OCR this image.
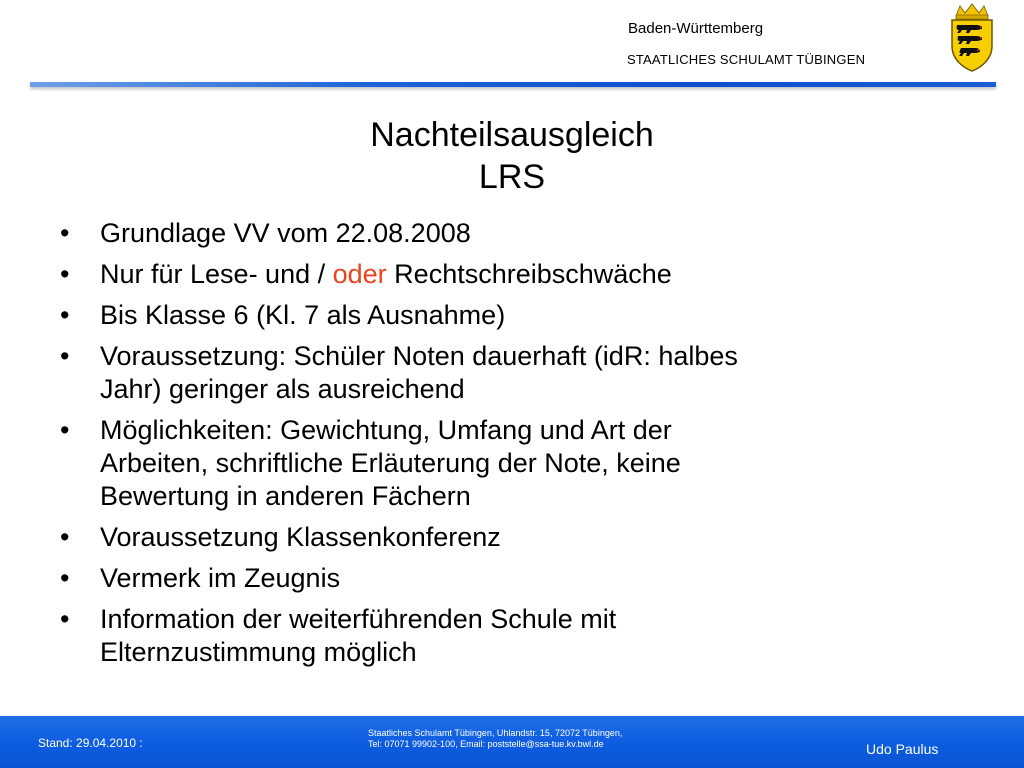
Baden-Württemberg
STAATLICHES SCHULAMT TÜBINGEN
Nachteilsausgleich
LRS
• Grundlage VV vom 22.08.2008
• Nur für Lese- und / oder Rechtschreibschwäche
• Bis Klasse 6 (Kl. 7 als Ausnahme)
• Voraussetzung: Schüler Noten dauerhaft (idR: halbes
Jahr) geringer als ausreichend
• Möglichkeiten: Gewichtung, Umfang und Art der
Arbeiten, schriftliche Erläuterung der Note, keine
Bewertung in anderen Fächern
• Voraussetzung Klassenkonferenz
• Vermerk im Zeugnis
• Information der weiterführenden Schule mit
Elternzustimmung möglich
Stand: 29.04.2010 :
Staatliches Schulamt Tübingen, Uhlandstr. 15, 72072 Tübingen,
Tel: 07071 99902-100, Email: poststelle@ssa-tue.kv.bwl.de	Udo Paulus
